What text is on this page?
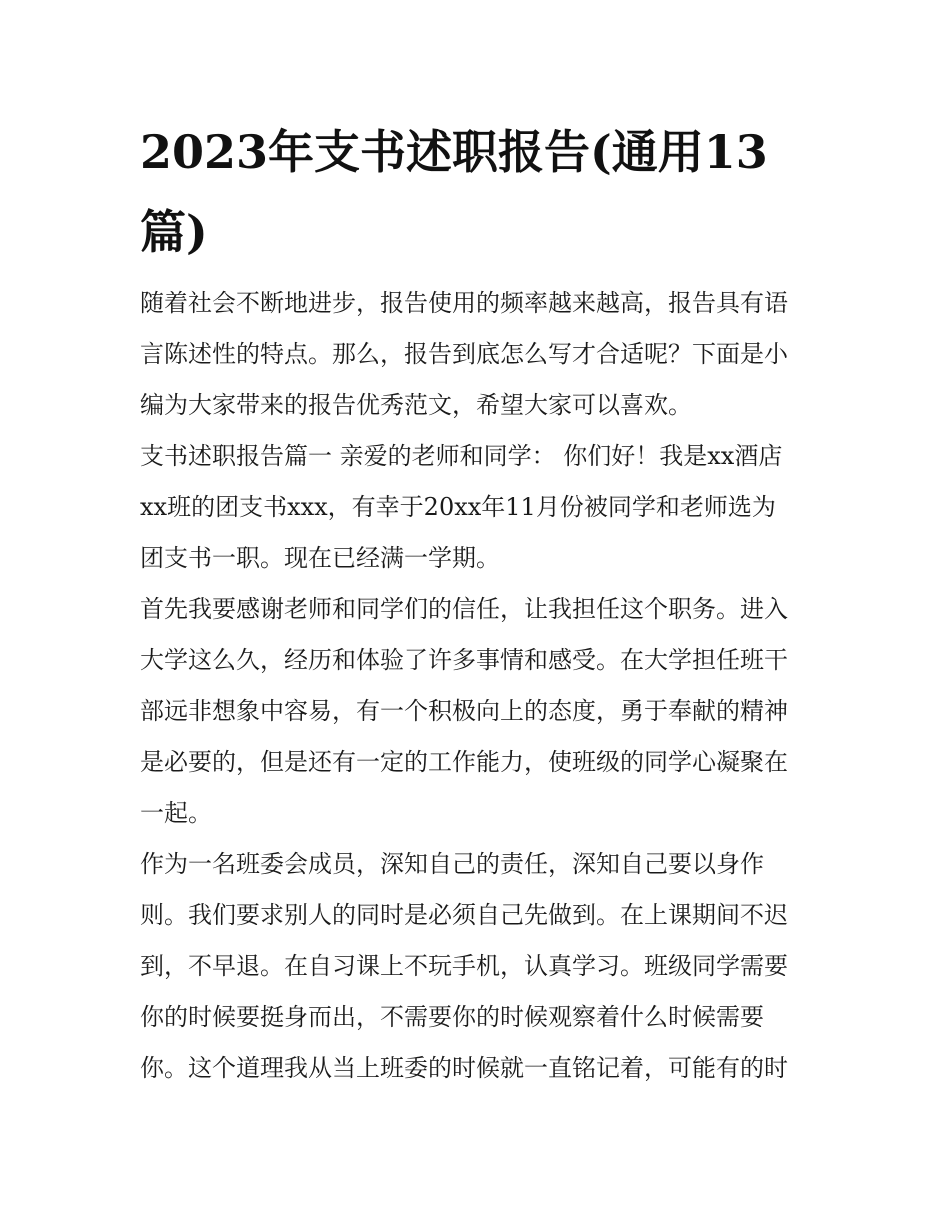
2023年支书述职报告(通用13
篇)
随着社会不断地进步，报告使用的频率越来越高，报告具有语
言陈述性的特点。那么，报告到底怎么写才合适呢？下面是小
编为大家带来的报告优秀范文，希望大家可以喜欢。
支书述职报告篇一 亲爱的老师和同学： 你们好！我是xx酒店
xx班的团支书xxx，有幸于20xx年11月份被同学和老师选为
团支书一职。现在已经满一学期。
首先我要感谢老师和同学们的信任，让我担任这个职务。进入
大学这么久，经历和体验了许多事情和感受。在大学担任班干
部远非想象中容易，有一个积极向上的态度，勇于奉献的精神
是必要的，但是还有一定的工作能力，使班级的同学心凝聚在
一起。
作为一名班委会成员，深知自己的责任，深知自己要以身作
则。我们要求别人的同时是必须自己先做到。在上课期间不迟
到，不早退。在自习课上不玩手机，认真学习。班级同学需要
你的时候要挺身而出，不需要你的时候观察着什么时候需要
你。这个道理我从当上班委的时候就一直铭记着，可能有的时
